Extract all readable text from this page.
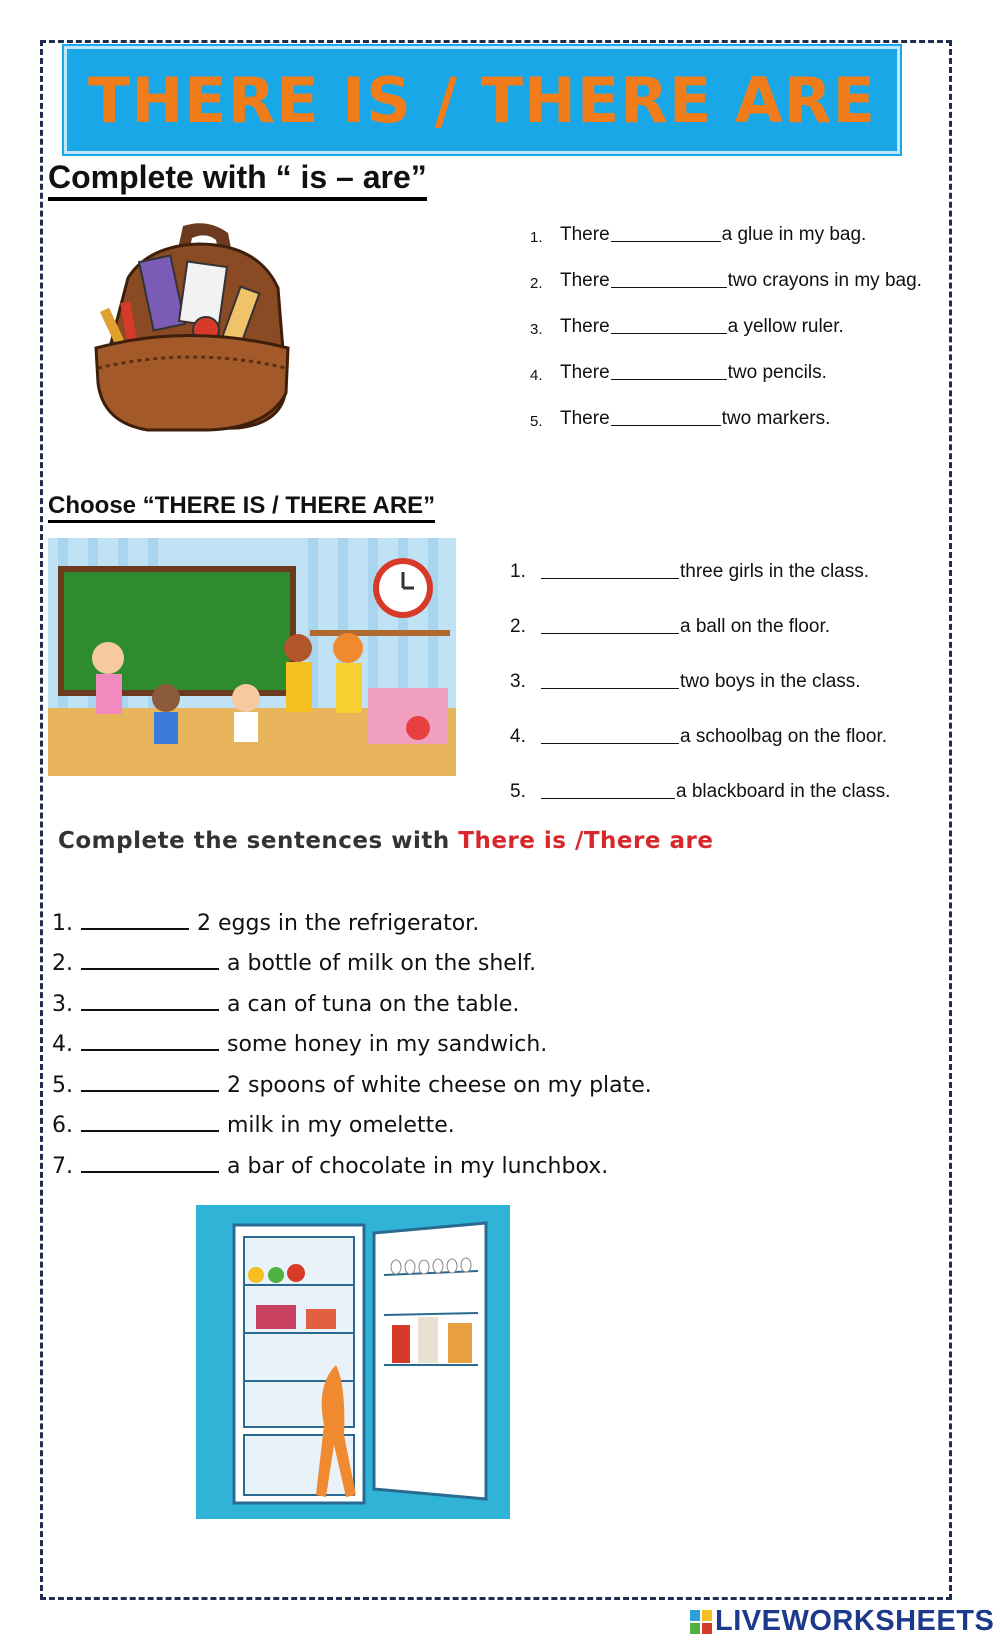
THERE IS / THERE ARE
Complete with “ is – are”
1. There	a glue in my bag.
2. There	two crayons in my bag.
3. There	a yellow ruler.
4. There	two pencils.
5. There	two markers.
Choose “THERE IS / THERE ARE”
1.	three girls in the class.
2.	a ball on the floor.
3.	two boys in the class.
4.	a schoolbag on the floor.
5.	a blackboard in the class.
Complete the sentences with There is /There are
1.	2 eggs in the refrigerator.
2.	a bottle of milk on the shelf.
3.	a can of tuna on the table.
4.	some honey in my sandwich.
5.	2 spoons of white cheese on my plate.
6.	milk in my omelette.
7.	a bar of chocolate in my lunchbox.
LIVEWORKSHEETS
